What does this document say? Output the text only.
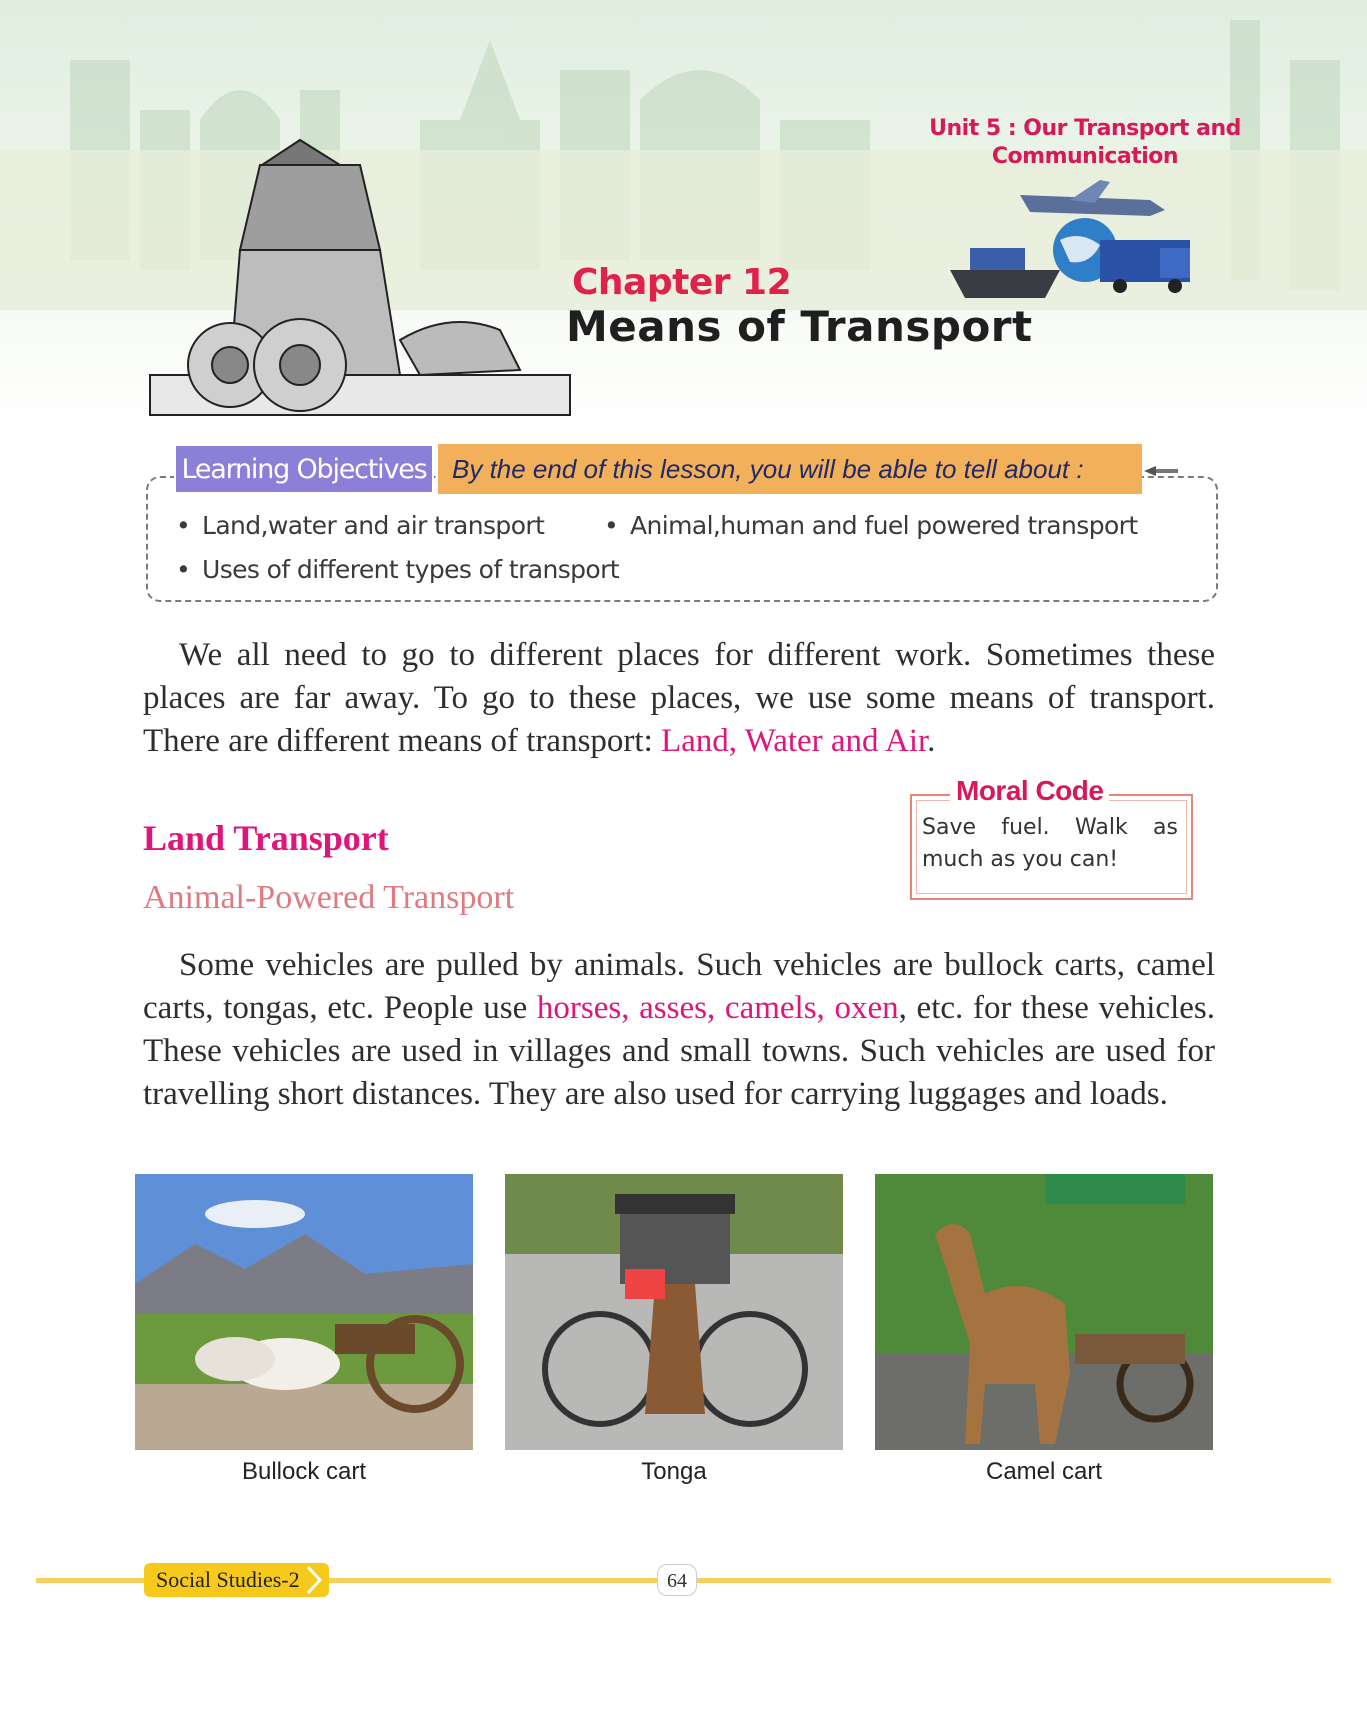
Unit 5 : Our Transport and
Communication
Chapter 12
Means of Transport
Learning Objectives By the end of this lesson, you will be able to tell about :
• Land,water and air transport • Animal,human and fuel powered transport
• Uses of different types of transport
We all need to go to different places for different work. Sometimes these places are far away. To go to these places, we use some means of transport. There are different means of transport: Land, Water and Air.
Moral Code
Save fuel. Walk as much as you can!
Land Transport
Animal-Powered Transport
Some vehicles are pulled by animals. Such vehicles are bullock carts, camel carts, tongas, etc. People use horses, asses, camels, oxen, etc. for these vehicles. These vehicles are used in villages and small towns. Such vehicles are used for travelling short distances. They are also used for carrying luggages and loads.
Bullock cart	Tonga	Camel cart
Social Studies-2	64
